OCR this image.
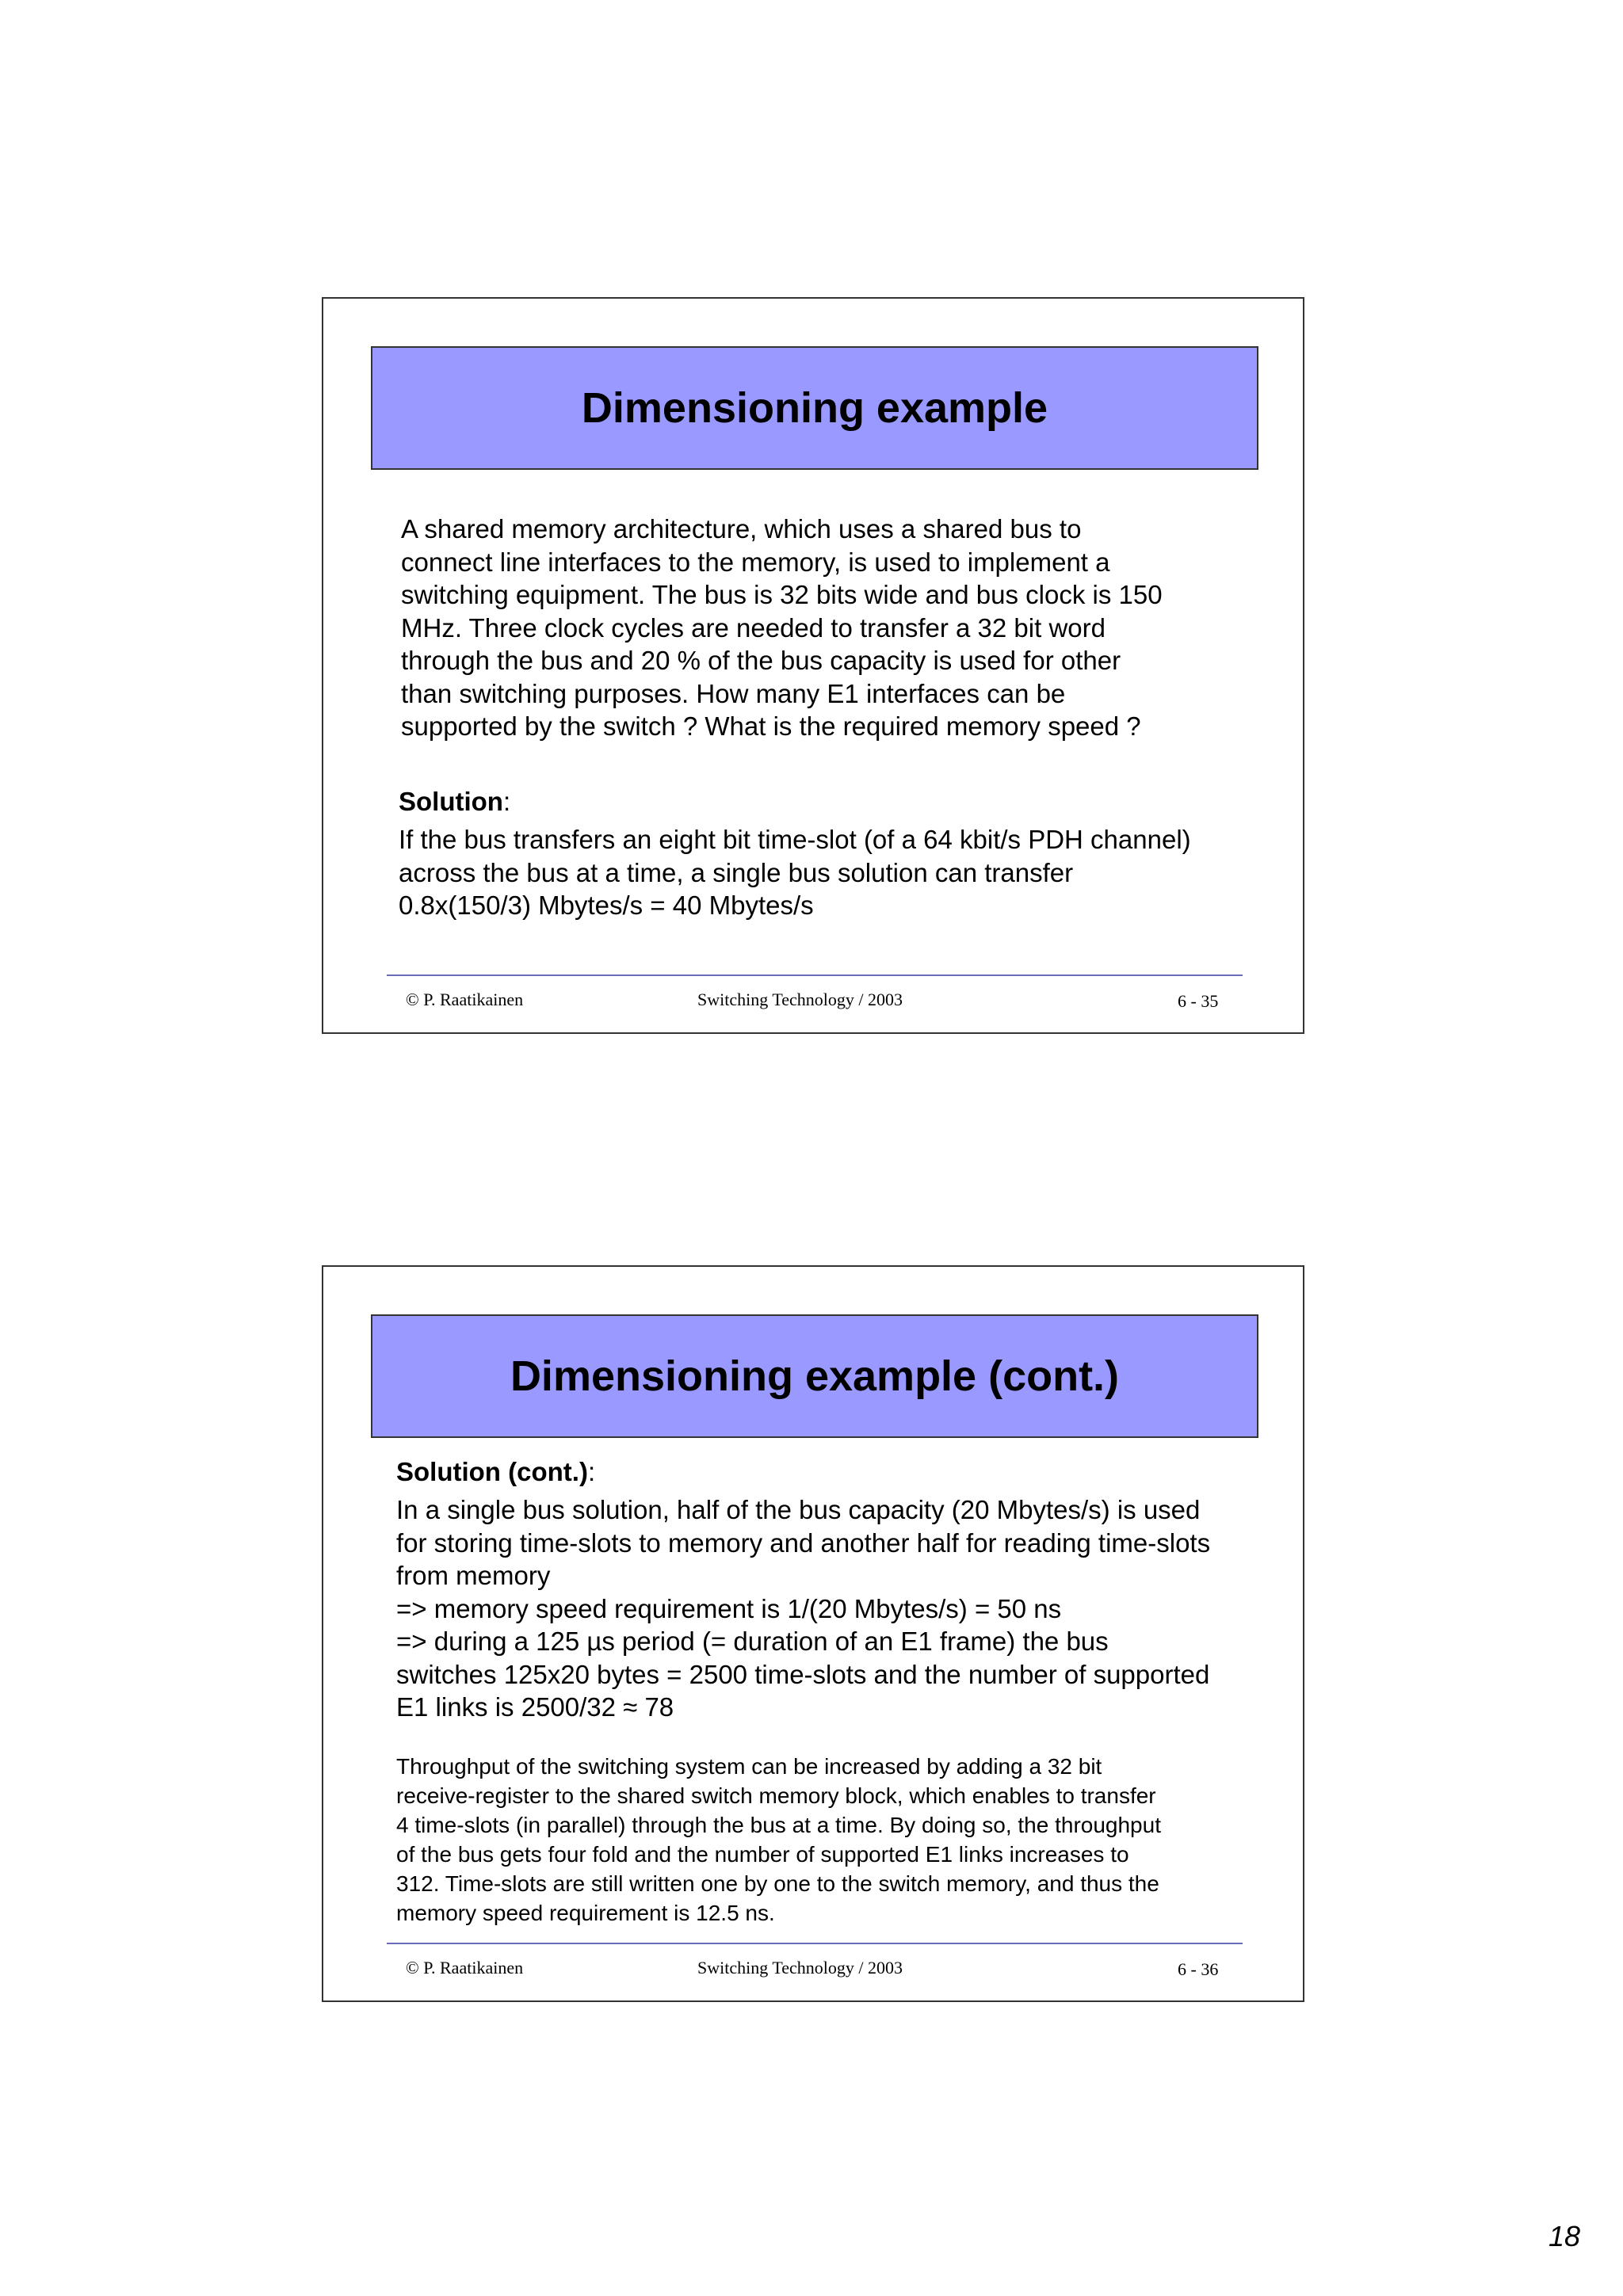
Dimensioning example
A shared memory architecture, which uses a shared bus to
connect line interfaces to the memory, is used to implement a
switching equipment. The bus is 32 bits wide and bus clock is 150
MHz. Three clock cycles are needed to transfer a 32 bit word
through the bus and 20 % of the bus capacity is used for other
than switching purposes. How many E1 interfaces can be
supported by the switch ? What is the required memory speed ?
Solution:
If the bus transfers an eight bit time-slot (of a 64 kbit/s PDH channel)
across the bus at a time, a single bus solution can transfer
0.8x(150/3) Mbytes/s = 40 Mbytes/s
© P. Raatikainen	Switching Technology / 2003	6 - 35
Dimensioning example (cont.)
Solution (cont.):
In a single bus solution, half of the bus capacity (20 Mbytes/s) is used
for storing time-slots to memory and another half for reading time-slots
from memory
=> memory speed requirement is 1/(20 Mbytes/s) = 50 ns
=> during a 125 µs period (= duration of an E1 frame) the bus
switches 125x20 bytes = 2500 time-slots and the number of supported
E1 links is 2500/32 ≈ 78
Throughput of the switching system can be increased by adding a 32 bit
receive-register to the shared switch memory block, which enables to transfer
4 time-slots (in parallel) through the bus at a time. By doing so, the throughput
of the bus gets four fold and the number of supported E1 links increases to
312. Time-slots are still written one by one to the switch memory, and thus the
memory speed requirement is 12.5 ns.
© P. Raatikainen	Switching Technology / 2003	6 - 36
18
